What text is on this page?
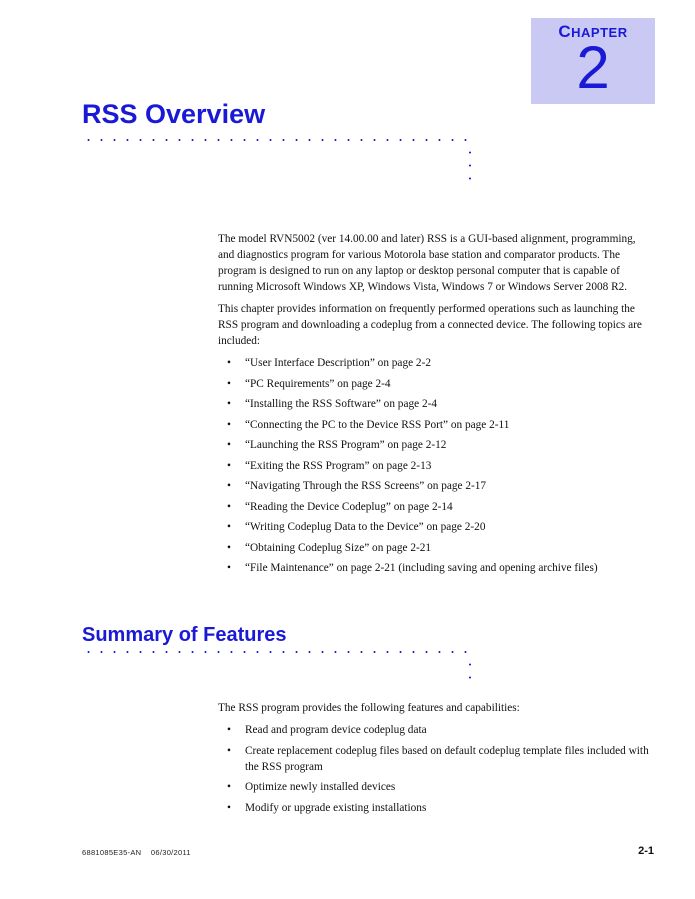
CHAPTER
2
RSS Overview

The model RVN5002 (ver 14.00.00 and later) RSS is a GUI-based alignment, programming, and diagnostics program for various Motorola base station and comparator products. The program is designed to run on any laptop or desktop personal computer that is capable of running Microsoft Windows XP, Windows Vista, Windows 7 or Windows Server 2008 R2.

This chapter provides information on frequently performed operations such as launching the RSS program and downloading a codeplug from a connected device. The following topics are included:

• “User Interface Description” on page 2-2
• “PC Requirements” on page 2-4
• “Installing the RSS Software” on page 2-4
• “Connecting the PC to the Device RSS Port” on page 2-11
• “Launching the RSS Program” on page 2-12
• “Exiting the RSS Program” on page 2-13
• “Navigating Through the RSS Screens” on page 2-17
• “Reading the Device Codeplug” on page 2-14
• “Writing Codeplug Data to the Device” on page 2-20
• “Obtaining Codeplug Size” on page 2-21
• “File Maintenance” on page 2-21 (including saving and opening archive files)
Summary of Features

The RSS program provides the following features and capabilities:

• Read and program device codeplug data
• Create replacement codeplug files based on default codeplug template files included with the RSS program
• Optimize newly installed devices
• Modify or upgrade existing installations
6881085E35-AN    06/30/2011	2-1
